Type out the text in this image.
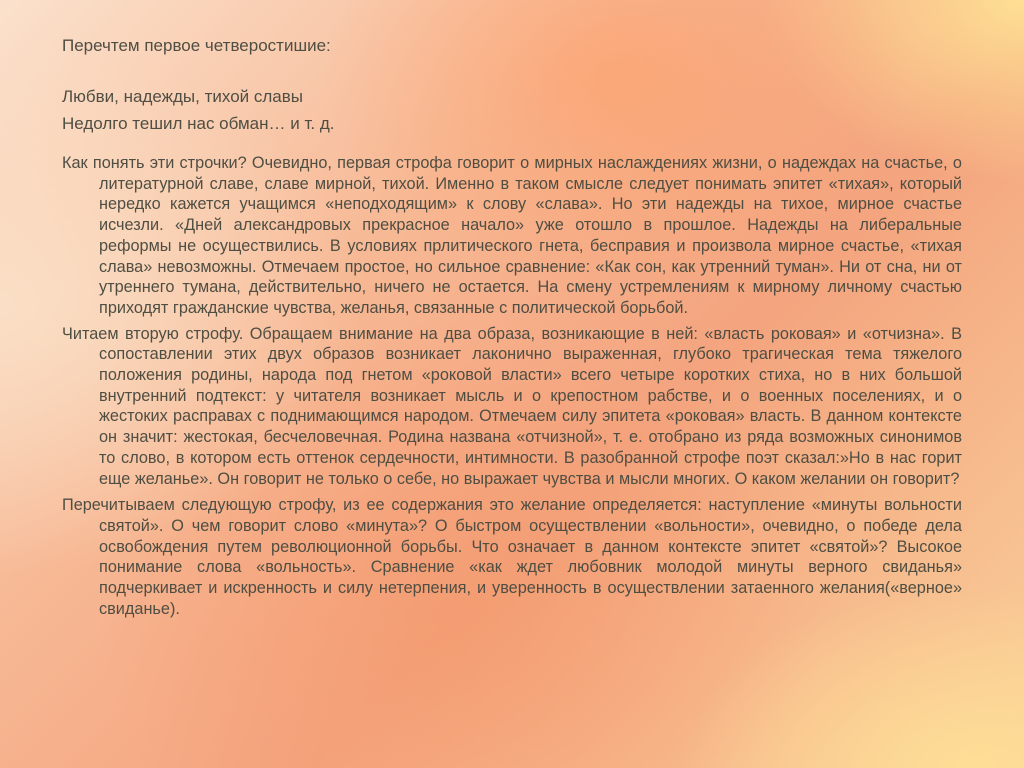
Перечтем первое четверостишие:

Любви, надежды, тихой славы

Недолго тешил нас обман… и т. д.

Как понять эти строчки? Очевидно, первая строфа говорит о мирных наслаждениях жизни, о надеждах на счастье, о литературной славе, славе мирной, тихой. Именно в таком смысле следует понимать эпитет «тихая», который нередко кажется учащимся «неподходящим» к слову «слава». Но эти надежды на тихое, мирное счастье исчезли. «Дней александровых прекрасное начало» уже отошло в прошлое. Надежды на либеральные реформы не осуществились. В условиях прлитического гнета, бесправия и произвола мирное счастье, «тихая слава» невозможны. Отмечаем простое, но сильное сравнение: «Как сон, как утренний туман». Ни от сна, ни от утреннего тумана, действительно, ничего не остается. На смену устремлениям к мирному личному счастью приходят гражданские чувства, желанья, связанные с политической борьбой.

Читаем вторую строфу. Обращаем внимание на два образа, возникающие в ней: «власть роковая» и «отчизна». В сопоставлении этих двух образов возникает лаконично выраженная, глубоко трагическая тема тяжелого положения родины, народа под гнетом «роковой власти» всего четыре коротких стиха, но в них большой внутренний подтекст: у читателя возникает мысль и о крепостном рабстве, и о военных поселениях, и о жестоких расправах с поднимающимся народом. Отмечаем силу эпитета «роковая» власть. В данном контексте он значит: жестокая, бесчеловечная. Родина названа «отчизной», т. е. отобрано из ряда возможных синонимов то слово, в котором есть оттенок сердечности, интимности. В разобранной строфе поэт сказал:»Но в нас горит еще желанье». Он говорит не только о себе, но выражает чувства и мысли многих. О каком желании он говорит?

Перечитываем следующую строфу, из ее содержания это желание определяется: наступление «минуты вольности святой». О чем говорит слово «минута»? О быстром осуществлении «вольности», очевидно, о победе дела освобождения путем революционной борьбы. Что означает в данном контексте эпитет «святой»? Высокое понимание слова «вольность». Сравнение «как ждет любовник молодой минуты верного свиданья» подчеркивает и искренность и силу нетерпения, и уверенность в осуществлении затаенного желания(«верное» свиданье).
